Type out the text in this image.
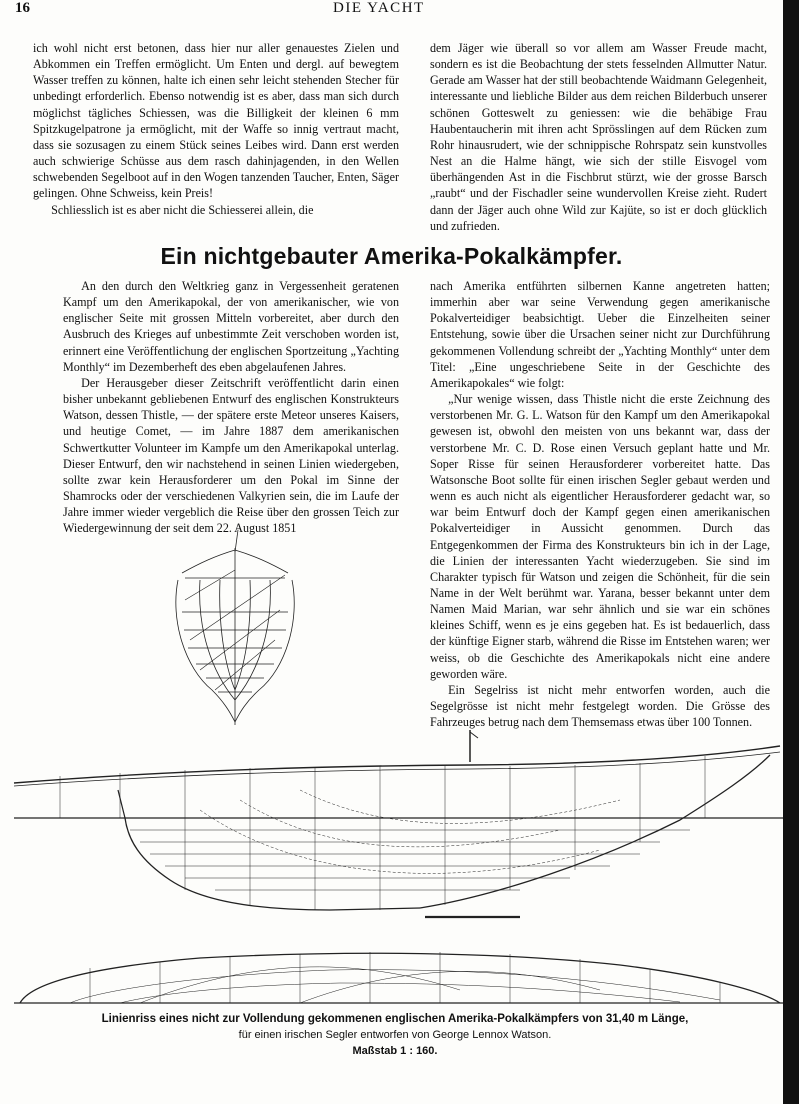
16	DIE YACHT

ich wohl nicht erst betonen, dass hier nur aller genauestes Zielen und Abkommen ein Treffen ermöglicht. Um Enten und dergl. auf bewegtem Wasser treffen zu können, halte ich einen sehr leicht stehenden Stecher für unbedingt erforderlich. Ebenso notwendig ist es aber, dass man sich durch möglichst tägliches Schiessen, was die Billigkeit der kleinen 6 mm Spitzkugelpatrone ja ermöglicht, mit der Waffe so innig vertraut macht, dass sie sozusagen zu einem Stück seines Leibes wird. Dann erst werden auch schwierige Schüsse aus dem rasch dahinjagenden, in den Wellen schwebenden Segelboot auf in den Wogen tanzenden Taucher, Enten, Säger gelingen. Ohne Schweiss, kein Preis!

Schliesslich ist es aber nicht die Schiesserei allein, die

dem Jäger wie überall so vor allem am Wasser Freude macht, sondern es ist die Beobachtung der stets fesselnden Allmutter Natur. Gerade am Wasser hat der still beobachtende Waidmann Gelegenheit, interessante und liebliche Bilder aus dem reichen Bilderbuch unserer schönen Gotteswelt zu geniessen: wie die behäbige Frau Haubentaucherin mit ihren acht Sprösslingen auf dem Rücken zum Rohr hinausrudert, wie der schnippische Rohrspatz sein kunstvolles Nest an die Halme hängt, wie sich der stille Eisvogel vom überhängenden Ast in die Fischbrut stürzt, wie der grosse Barsch „raubt“ und der Fischadler seine wundervollen Kreise zieht. Rudert dann der Jäger auch ohne Wild zur Kajüte, so ist er doch glücklich und zufrieden.

Ein nichtgebauter Amerika-Pokalkämpfer.

An den durch den Weltkrieg ganz in Vergessenheit geratenen Kampf um den Amerikapokal, der von amerikanischer, wie von englischer Seite mit grossen Mitteln vorbereitet, aber durch den Ausbruch des Krieges auf unbestimmte Zeit verschoben worden ist, erinnert eine Veröffentlichung der englischen Sportzeitung „Yachting Monthly“ im Dezemberheft des eben abgelaufenen Jahres.

Der Herausgeber dieser Zeitschrift veröffentlicht darin einen bisher unbekannt gebliebenen Entwurf des englischen Konstrukteurs Watson, dessen Thistle, — der spätere erste Meteor unseres Kaisers, und heutige Comet, — im Jahre 1887 dem amerikanischen Schwertkutter Volunteer im Kampfe um den Amerikapokal unterlag. Dieser Entwurf, den wir nachstehend in seinen Linien wiedergeben, sollte zwar kein Herausforderer um den Pokal im Sinne der Shamrocks oder der verschiedenen Valkyrien sein, die im Laufe der Jahre immer wieder vergeblich die Reise über den grossen Teich zur Wiedergewinnung der seit dem 22. August 1851

nach Amerika entführten silbernen Kanne angetreten hatten; immerhin aber war seine Verwendung gegen amerikanische Pokalverteidiger beabsichtigt. Ueber die Einzelheiten seiner Entstehung, sowie über die Ursachen seiner nicht zur Durchführung gekommenen Vollendung schreibt der „Yachting Monthly“ unter dem Titel: „Eine ungeschriebene Seite in der Geschichte des Amerikapokales“ wie folgt:

„Nur wenige wissen, dass Thistle nicht die erste Zeichnung des verstorbenen Mr. G. L. Watson für den Kampf um den Amerikapokal gewesen ist, obwohl den meisten von uns bekannt war, dass der verstorbene Mr. C. D. Rose einen Versuch geplant hatte und Mr. Soper Risse für seinen Herausforderer vorbereitet hatte. Das Watsonsche Boot sollte für einen irischen Segler gebaut werden und wenn es auch nicht als eigentlicher Herausforderer gedacht war, so war beim Entwurf doch der Kampf gegen einen amerikanischen Pokalverteidiger in Aussicht genommen. Durch das Entgegenkommen der Firma des Konstrukteurs bin ich in der Lage, die Linien der interessanten Yacht wiederzugeben. Sie sind im Charakter typisch für Watson und zeigen die Schönheit, für die sein Name in der Welt berühmt war. Yarana, besser bekannt unter dem Namen Maid Marian, war sehr ähnlich und sie war ein schönes kleines Schiff, wenn es je eins gegeben hat. Es ist bedauerlich, dass der künftige Eigner starb, während die Risse im Entstehen waren; wer weiss, ob die Geschichte des Amerikapokals nicht eine andere geworden wäre.

Ein Segelriss ist nicht mehr entworfen worden, auch die Segelgrösse ist nicht mehr festgelegt worden. Die Grösse des Fahrzeuges betrug nach dem Themsemass etwas über 100 Tonnen.

Linienriss eines nicht zur Vollendung gekommenen englischen Amerika-Pokalkämpfers von 31,40 m Länge,
für einen irischen Segler entworfen von George Lennox Watson.
Maßstab 1 : 160.
